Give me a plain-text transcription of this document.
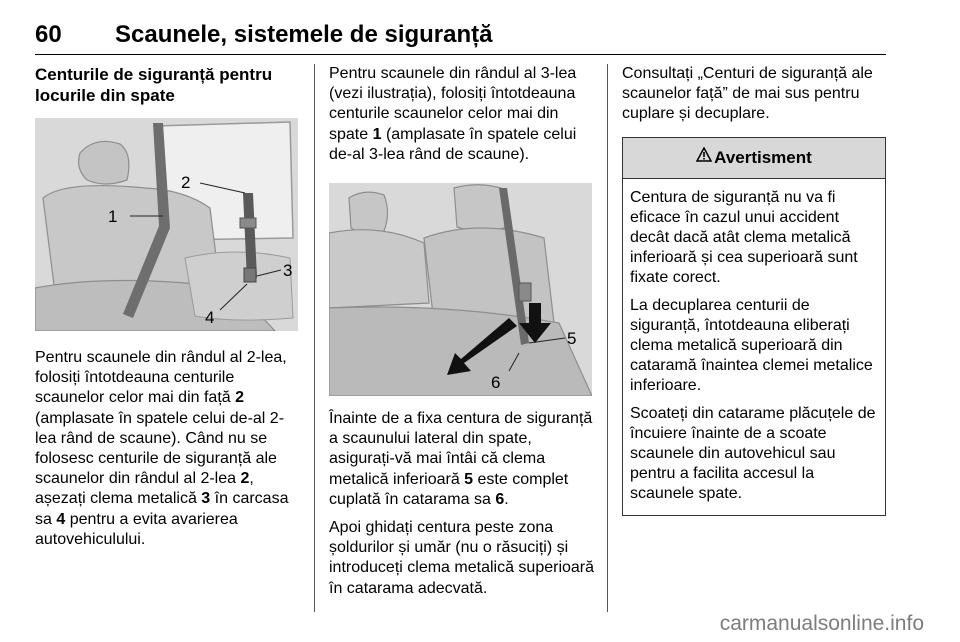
60	Scaunele, sistemele de siguranță
Centurile de siguranță pentru locurile din spate
1
2
3
4

Pentru scaunele din rândul al 2-lea, folosiți întotdeauna centurile scaunelor celor mai din față 2 (amplasate în spatele celui de-al 2-lea rând de scaune). Când nu se folosesc centurile de siguranță ale scaunelor din rândul al 2-lea 2, așezați clema metalică 3 în carcasa sa 4 pentru a evita avarierea autovehiculului.

Pentru scaunele din rândul al 3-lea (vezi ilustrația), folosiți întotdeauna centurile scaunelor celor mai din spate 1 (amplasate în spatele celui de-al 3-lea rând de scaune).

5
6

Înainte de a fixa centura de siguranță a scaunului lateral din spate, asigurați-vă mai întâi că clema metalică inferioară 5 este complet cuplată în catarama sa 6.

Apoi ghidați centura peste zona șoldurilor și umăr (nu o răsuciți) și introduceți clema metalică superioară în catarama adecvată.

Consultați „Centuri de siguranță ale scaunelor față” de mai sus pentru cuplare și decuplare.

Avertisment

Centura de siguranță nu va fi eficace în cazul unui accident decât dacă atât clema metalică inferioară și cea superioară sunt fixate corect.

La decuplarea centurii de siguranță, întotdeauna eliberați clema metalică superioară din cataramă înaintea clemei metalice inferioare.

Scoateți din catarame plăcuțele de încuiere înainte de a scoate scaunele din autovehicul sau pentru a facilita accesul la scaunele spate.

carmanualsonline.info
